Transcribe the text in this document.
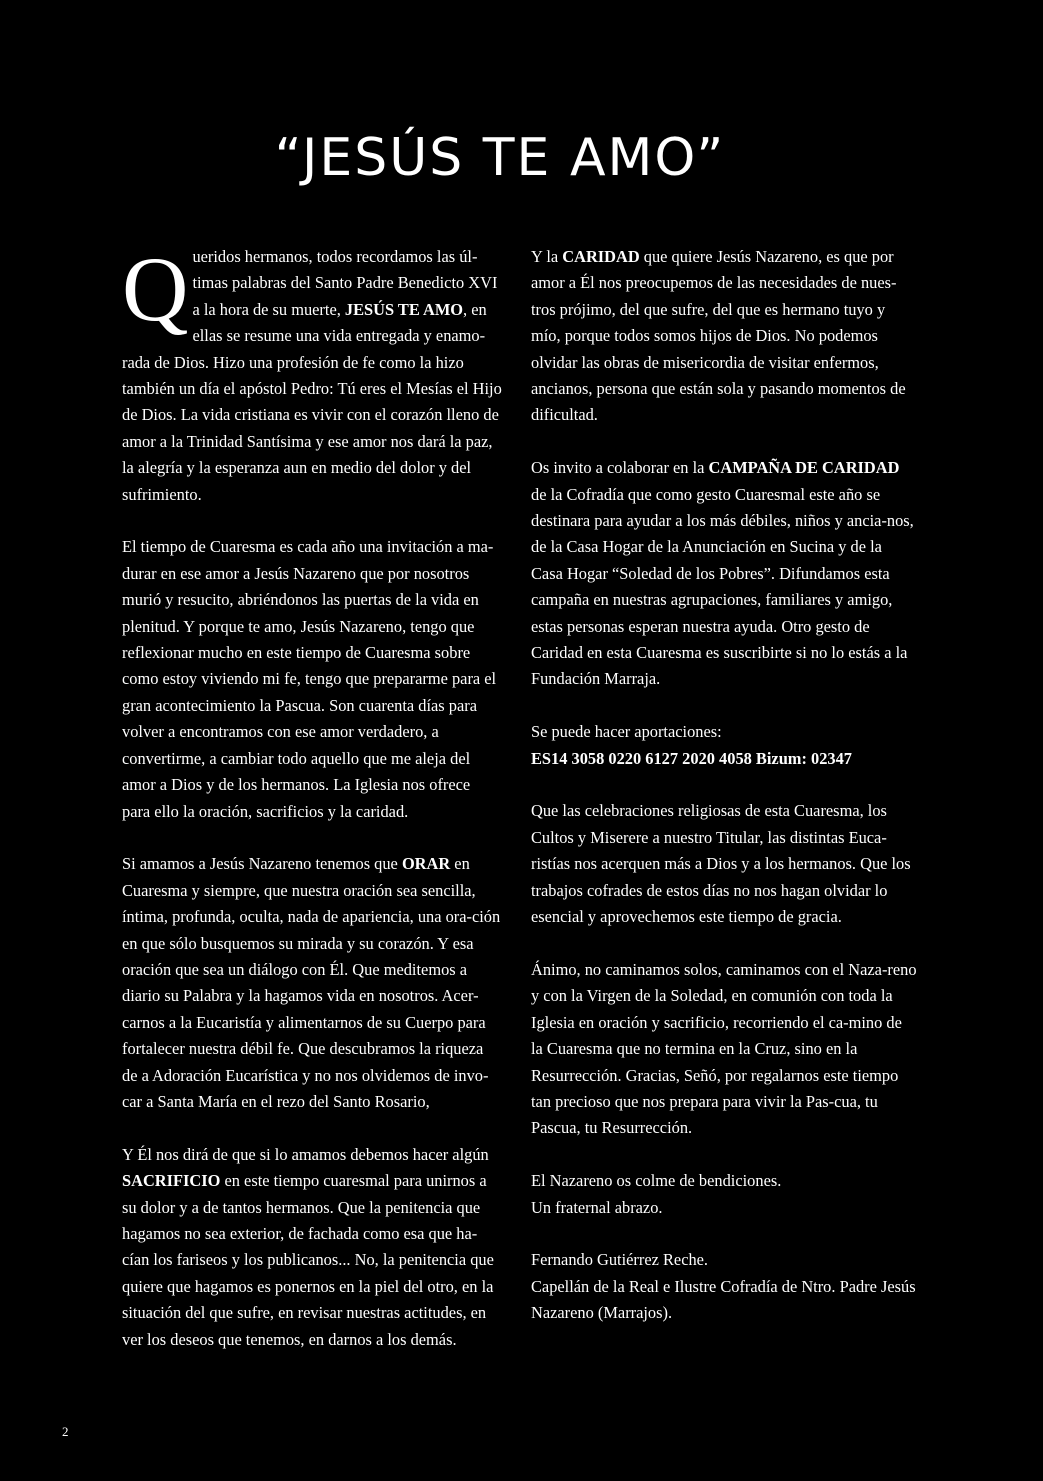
“JESÚS TE AMO”

Queridos hermanos, todos recordamos las úl-timas palabras del Santo Padre Benedicto XVI a la hora de su muerte, JESÚS TE AMO, en ellas se resume una vida entregada y enamo-rada de Dios. Hizo una profesión de fe como la hizo también un día el apóstol Pedro: Tú eres el Mesías el Hijo de Dios. La vida cristiana es vivir con el corazón lleno de amor a la Trinidad Santísima y ese amor nos dará la paz, la alegría y la esperanza aun en medio del dolor y del sufrimiento.

El tiempo de Cuaresma es cada año una invitación a ma-durar en ese amor a Jesús Nazareno que por nosotros murió y resucito, abriéndonos las puertas de la vida en plenitud. Y porque te amo, Jesús Nazareno, tengo que reflexionar mucho en este tiempo de Cuaresma sobre como estoy viviendo mi fe, tengo que prepararme para el gran acontecimiento la Pascua. Son cuarenta días para volver a encontramos con ese amor verdadero, a convertirme, a cambiar todo aquello que me aleja del amor a Dios y de los hermanos. La Iglesia nos ofrece para ello la oración, sacrificios y la caridad.

Si amamos a Jesús Nazareno tenemos que ORAR en Cuaresma y siempre, que nuestra oración sea sencilla, íntima, profunda, oculta, nada de apariencia, una ora-ción en que sólo busquemos su mirada y su corazón. Y esa oración que sea un diálogo con Él. Que meditemos a diario su Palabra y la hagamos vida en nosotros. Acer-carnos a la Eucaristía y alimentarnos de su Cuerpo para fortalecer nuestra débil fe. Que descubramos la riqueza de a Adoración Eucarística y no nos olvidemos de invo-car a Santa María en el rezo del Santo Rosario,

Y Él nos dirá de que si lo amamos debemos hacer algún SACRIFICIO en este tiempo cuaresmal para unirnos a su dolor y a de tantos hermanos. Que la penitencia que hagamos no sea exterior, de fachada como esa que ha-cían los fariseos y los publicanos... No, la penitencia que quiere que hagamos es ponernos en la piel del otro, en la situación del que sufre, en revisar nuestras actitudes, en ver los deseos que tenemos, en darnos a los demás.

Y la CARIDAD que quiere Jesús Nazareno, es que por amor a Él nos preocupemos de las necesidades de nues-tros prójimo, del que sufre, del que es hermano tuyo y mío, porque todos somos hijos de Dios. No podemos olvidar las obras de misericordia de visitar enfermos, ancianos, persona que están sola y pasando momentos de dificultad.

Os invito a colaborar en la CAMPAÑA DE CARIDAD de la Cofradía que como gesto Cuaresmal este año se destinara para ayudar a los más débiles, niños y ancia-nos, de la Casa Hogar de la Anunciación en Sucina y de la Casa Hogar “Soledad de los Pobres”. Difundamos esta campaña en nuestras agrupaciones, familiares y amigo, estas personas esperan nuestra ayuda. Otro gesto de Caridad en esta Cuaresma es suscribirte si no lo estás a la Fundación Marraja.

Se puede hacer aportaciones:
ES14 3058 0220 6127 2020 4058 Bizum: 02347

Que las celebraciones religiosas de esta Cuaresma, los Cultos y Miserere a nuestro Titular, las distintas Euca-ristías nos acerquen más a Dios y a los hermanos. Que los trabajos cofrades de estos días no nos hagan olvidar lo esencial y aprovechemos este tiempo de gracia.

Ánimo, no caminamos solos, caminamos con el Naza-reno y con la Virgen de la Soledad, en comunión con toda la Iglesia en oración y sacrificio, recorriendo el ca-mino de la Cuaresma que no termina en la Cruz, sino en la Resurrección. Gracias, Señó, por regalarnos este tiempo tan precioso que nos prepara para vivir la Pas-cua, tu Pascua, tu Resurrección.

El Nazareno os colme de bendiciones.
Un fraternal abrazo.

Fernando Gutiérrez Reche.
Capellán de la Real e Ilustre Cofradía de Ntro. Padre Jesús Nazareno (Marrajos).

2
